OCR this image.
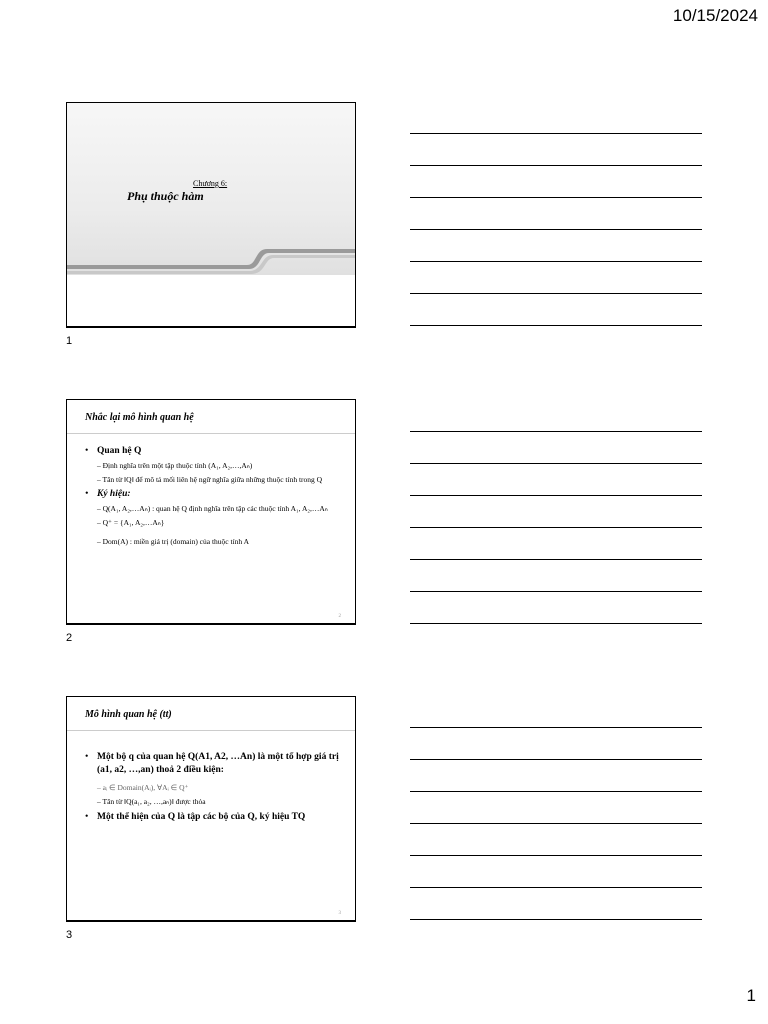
10/15/2024
Chương 6:
Phụ thuộc hàm
1
Nhắc lại mô hình quan hệ
• Quan hệ Q
– Định nghĩa trên một tập thuộc tính (A₁, A₂,…,Aₙ)
– Tân từ ‖Q‖ để mô tả mối liên hệ ngữ nghĩa giữa những thuộc tính trong Q
• Ký hiệu:
– Q(A₁, A₂,…Aₙ) : quan hệ Q định nghĩa trên tập các thuộc tính A₁, A₂,…Aₙ
– Q⁺ = {A₁, A₂,…Aₙ}
– Dom(A) : miền giá trị (domain) của thuộc tính A
2
2
Mô hình quan hệ (tt)
• Một bộ q của quan hệ Q(A1, A2, …An) là một tổ hợp giá trị (a1, a2, …,an) thoả 2 điều kiện:
– aᵢ ∈ Domain(Aᵢ), ∀Aᵢ ∈ Q⁺
– Tân từ ‖Q(a₁, a₂, …,aₙ)‖ được thỏa
• Một thể hiện của Q là tập các bộ của Q, ký hiệu TQ
3
3
1
